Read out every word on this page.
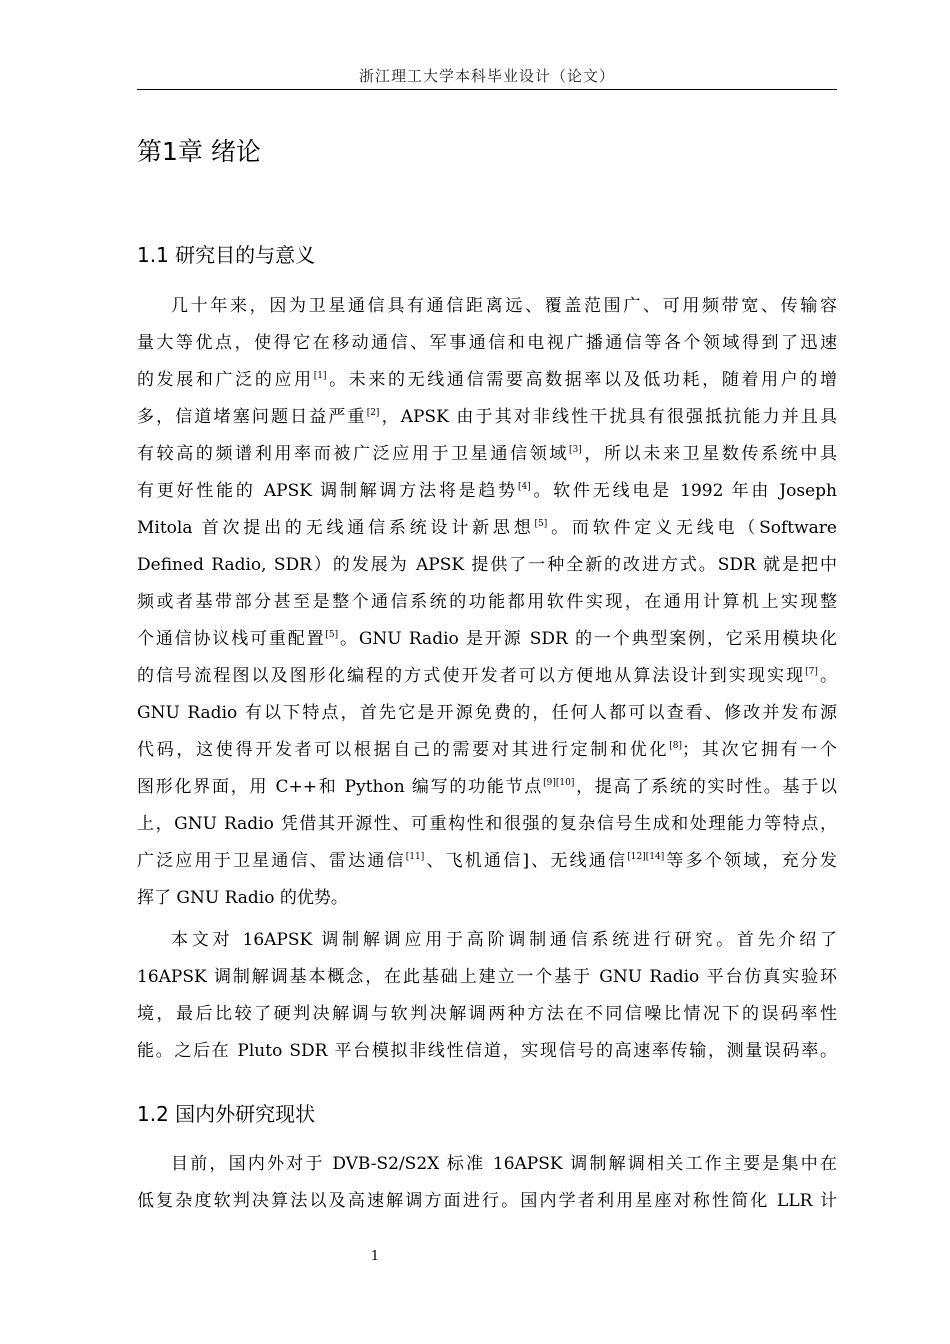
浙江理工大学本科毕业设计（论文）
第1章 绪论
1.1 研究目的与意义
几十年来，因为卫星通信具有通信距离远、覆盖范围广、可用频带宽、传输容
量大等优点，使得它在移动通信、军事通信和电视广播通信等各个领域得到了迅速
的发展和广泛的应用[1]。未来的无线通信需要高数据率以及低功耗，随着用户的增
多，信道堵塞问题日益严重[2]，APSK 由于其对非线性干扰具有很强抵抗能力并且具
有较高的频谱利用率而被广泛应用于卫星通信领域[3]，所以未来卫星数传系统中具
有更好性能的 APSK 调制解调方法将是趋势[4]。软件无线电是 1992 年由 Joseph
Mitola 首次提出的无线通信系统设计新思想[5]。而软件定义无线电（Software
Defined Radio, SDR）的发展为 APSK 提供了一种全新的改进方式。SDR 就是把中
频或者基带部分甚至是整个通信系统的功能都用软件实现，在通用计算机上实现整
个通信协议栈可重配置[5]。GNU Radio 是开源 SDR 的一个典型案例，它采用模块化
的信号流程图以及图形化编程的方式使开发者可以方便地从算法设计到实现实现[7]。
GNU Radio 有以下特点，首先它是开源免费的，任何人都可以查看、修改并发布源
代码，这使得开发者可以根据自己的需要对其进行定制和优化[8]；其次它拥有一个
图形化界面，用 C++和 Python 编写的功能节点[9][10]，提高了系统的实时性。基于以
上，GNU Radio 凭借其开源性、可重构性和很强的复杂信号生成和处理能力等特点，
广泛应用于卫星通信、雷达通信[11]、飞机通信]、无线通信[12][14]等多个领域，充分发
挥了 GNU Radio 的优势。
本文对 16APSK 调制解调应用于高阶调制通信系统进行研究。首先介绍了
16APSK 调制解调基本概念，在此基础上建立一个基于 GNU Radio 平台仿真实验环
境，最后比较了硬判决解调与软判决解调两种方法在不同信噪比情况下的误码率性
能。之后在 Pluto SDR 平台模拟非线性信道，实现信号的高速率传输，测量误码率。
1.2 国内外研究现状
目前，国内外对于 DVB-S2/S2X 标准 16APSK 调制解调相关工作主要是集中在
低复杂度软判决算法以及高速解调方面进行。国内学者利用星座对称性简化 LLR 计
1
